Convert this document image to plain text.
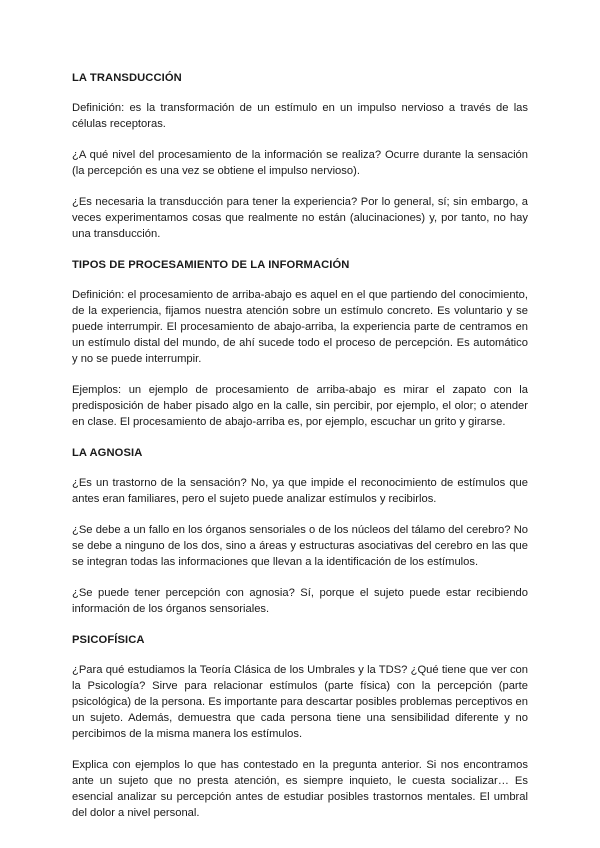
LA TRANSDUCCIÓN

Definición: es la transformación de un estímulo en un impulso nervioso a través de las células receptoras.

¿A qué nivel del procesamiento de la información se realiza? Ocurre durante la sensación (la percepción es una vez se obtiene el impulso nervioso).

¿Es necesaria la transducción para tener la experiencia? Por lo general, sí; sin embargo, a veces experimentamos cosas que realmente no están (alucinaciones) y, por tanto, no hay una transducción.

TIPOS DE PROCESAMIENTO DE LA INFORMACIÓN

Definición: el procesamiento de arriba-abajo es aquel en el que partiendo del conocimiento, de la experiencia, fijamos nuestra atención sobre un estímulo concreto. Es voluntario y se puede interrumpir. El procesamiento de abajo-arriba, la experiencia parte de centramos en un estímulo distal del mundo, de ahí sucede todo el proceso de percepción. Es automático y no se puede interrumpir.

Ejemplos: un ejemplo de procesamiento de arriba-abajo es mirar el zapato con la predisposición de haber pisado algo en la calle, sin percibir, por ejemplo, el olor; o atender en clase. El procesamiento de abajo-arriba es, por ejemplo, escuchar un grito y girarse.

LA AGNOSIA

¿Es un trastorno de la sensación? No, ya que impide el reconocimiento de estímulos que antes eran familiares, pero el sujeto puede analizar estímulos y recibirlos.

¿Se debe a un fallo en los órganos sensoriales o de los núcleos del tálamo del cerebro? No se debe a ninguno de los dos, sino a áreas y estructuras asociativas del cerebro en las que se integran todas las informaciones que llevan a la identificación de los estímulos.

¿Se puede tener percepción con agnosia? Sí, porque el sujeto puede estar recibiendo información de los órganos sensoriales.

PSICOFÍSICA

¿Para qué estudiamos la Teoría Clásica de los Umbrales y la TDS? ¿Qué tiene que ver con la Psicología? Sirve para relacionar estímulos (parte física) con la percepción (parte psicológica) de la persona. Es importante para descartar posibles problemas perceptivos en un sujeto. Además, demuestra que cada persona tiene una sensibilidad diferente y no percibimos de la misma manera los estímulos.

Explica con ejemplos lo que has contestado en la pregunta anterior. Si nos encontramos ante un sujeto que no presta atención, es siempre inquieto, le cuesta socializar… Es esencial analizar su percepción antes de estudiar posibles trastornos mentales. El umbral del dolor a nivel personal.
